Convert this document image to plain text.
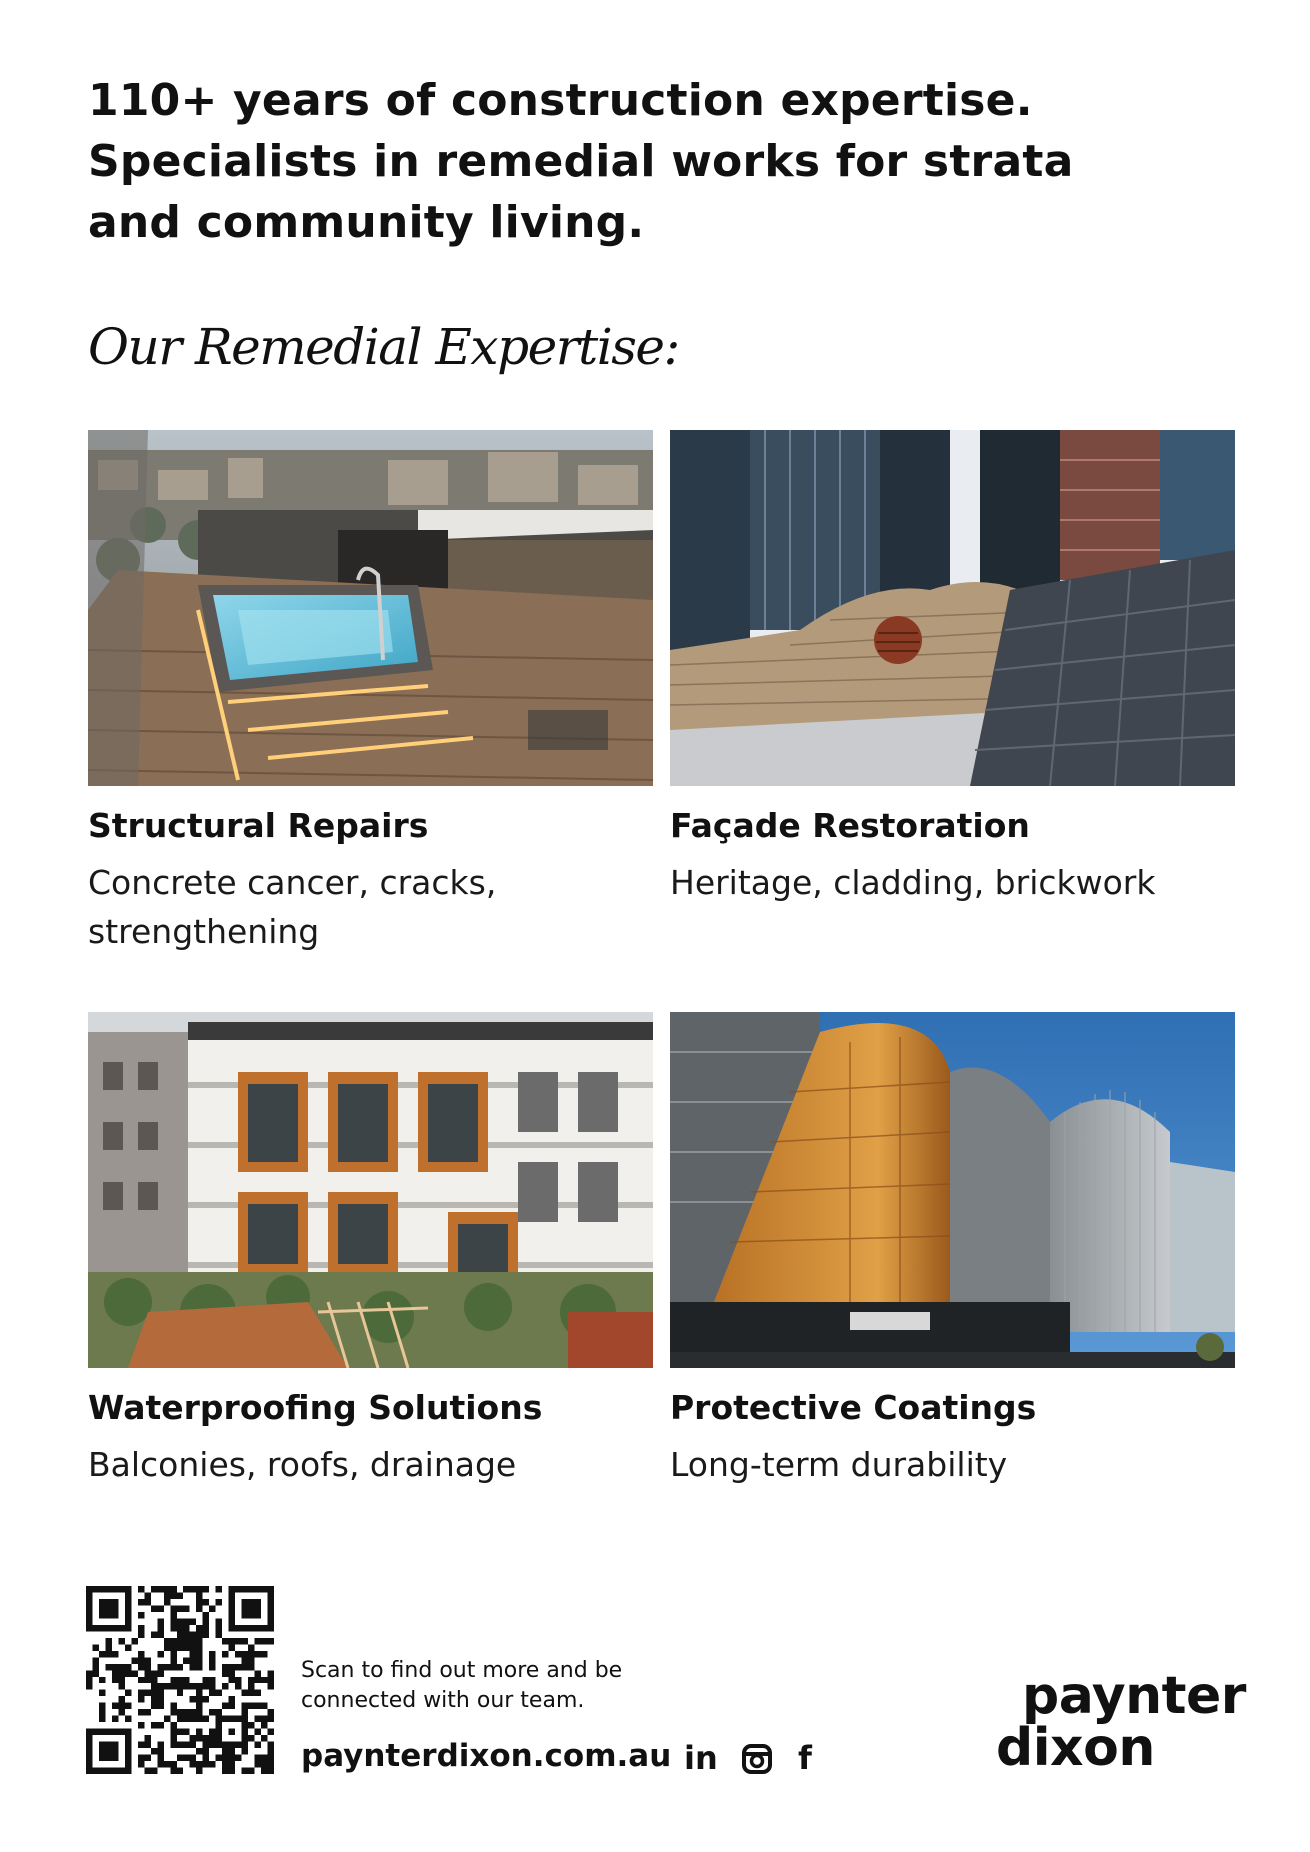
110+ years of construction expertise.
Specialists in remedial works for strata
and community living.
Our Remedial Expertise:
Structural Repairs
Concrete cancer, cracks, strengthening
Façade Restoration
Heritage, cladding, brickwork
Waterproofing Solutions
Balconies, roofs, drainage
Protective Coatings
Long-term durability
Scan to find out more and be connected with our team.
paynterdixon.com.au in	f
paynter
dixon
